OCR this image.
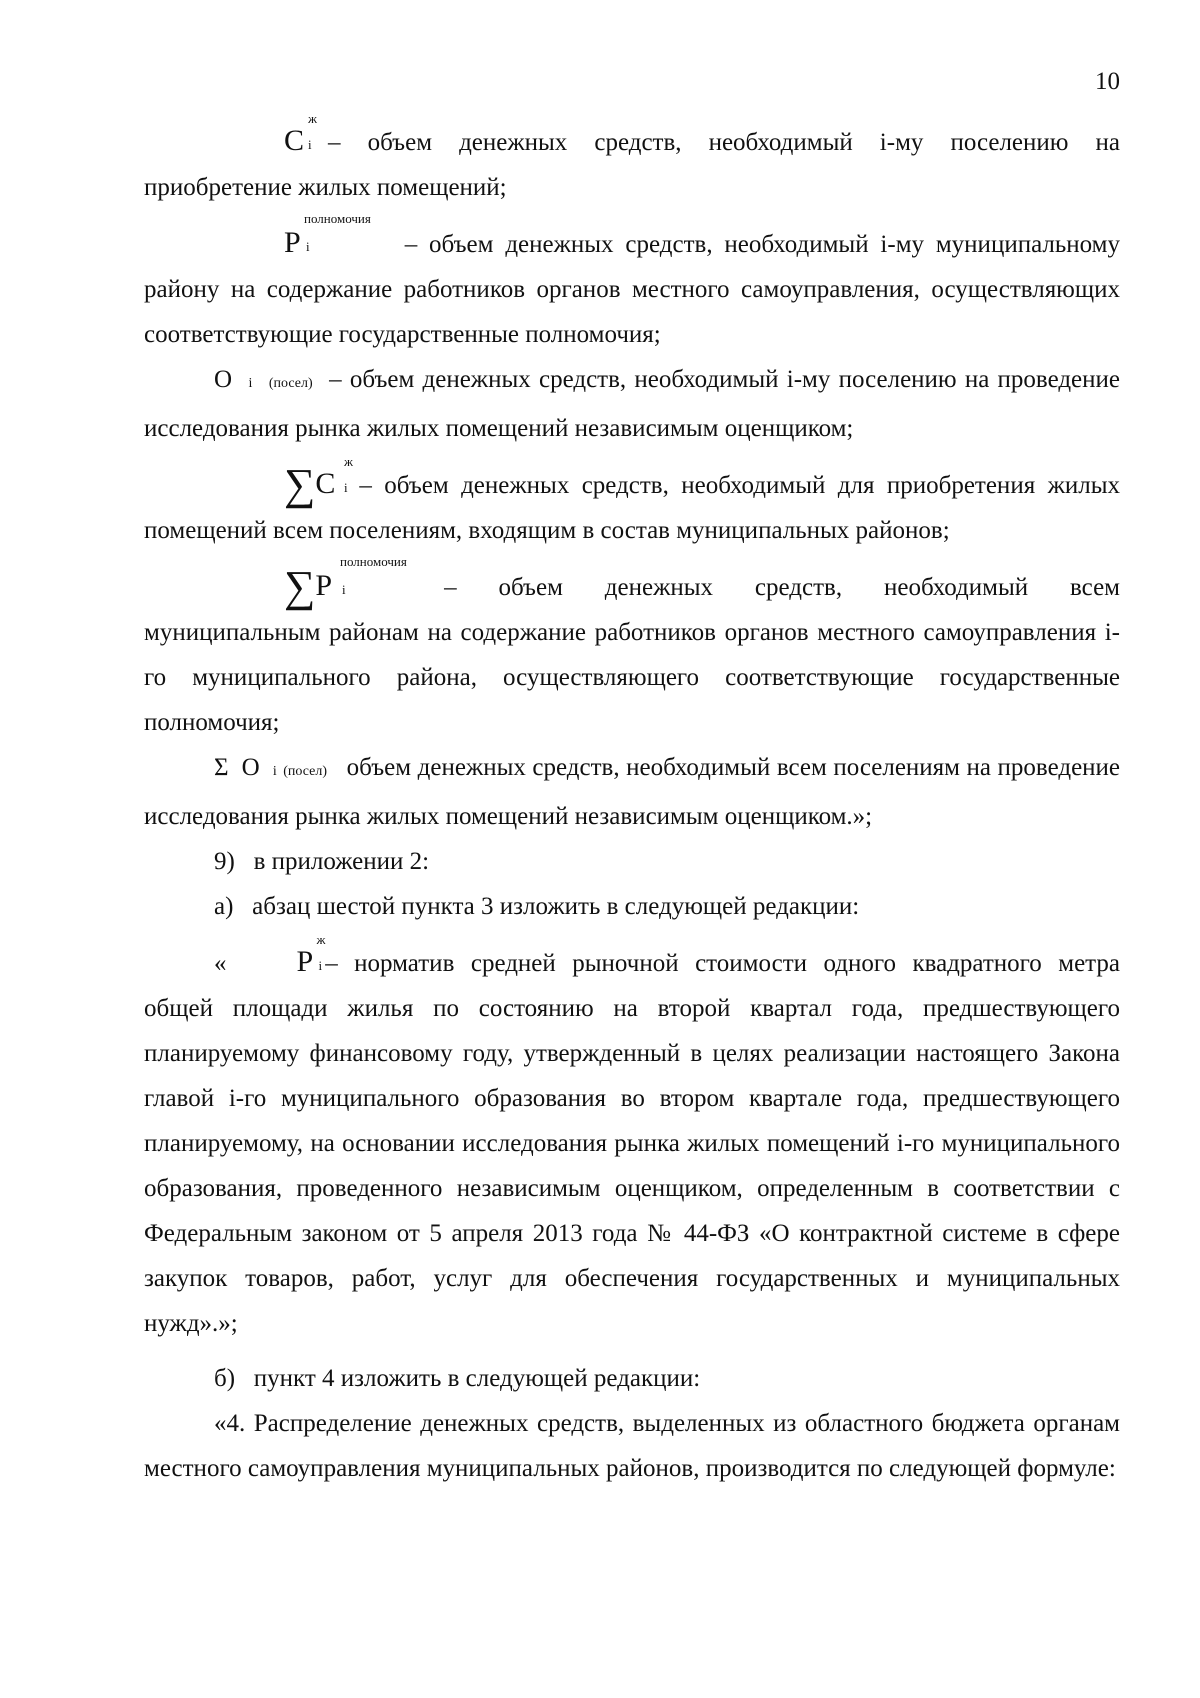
10

C
ж
i – объем денежных средств, необходимый i-му поселению на приобретение жилых помещений;

P
полномочия
i	– объем денежных средств, необходимый i-му муниципальному району на содержание работников органов местного самоуправления, осуществляющих соответствующие государственные полномочия;

О i (посел) – объем денежных средств, необходимый i-му поселению на проведение исследования рынка жилых помещений независимым оценщиком;

∑C
ж
i – объем денежных средств, необходимый для приобретения жилых помещений всем поселениям, входящим в состав муниципальных районов;

∑P
полномочия
i	– объем денежных средств, необходимый всем муниципальным районам на содержание работников органов местного самоуправления i-го муниципального района, осуществляющего соответствующие государственные полномочия;

Σ О i (посел) объем денежных средств, необходимый всем поселениям на проведение исследования рынка жилых помещений независимым оценщиком.»;

9)   в приложении 2:

а)   абзац шестой пункта 3 изложить в следующей редакции:

« P
ж
i – норматив средней рыночной стоимости одного квадратного метра общей площади жилья по состоянию на второй квартал года, предшествующего планируемому финансовому году, утвержденный в целях реализации настоящего Закона главой i-го муниципального образования во втором квартале года, предшествующего планируемому, на основании исследования рынка жилых помещений i-го муниципального образования, проведенного независимым оценщиком, определенным в соответствии с Федеральным законом от 5 апреля 2013 года № 44-ФЗ «О контрактной системе в сфере закупок товаров, работ, услуг для обеспечения государственных и муниципальных нужд».»;

б)   пункт 4 изложить в следующей редакции:

«4. Распределение денежных средств, выделенных из областного бюджета органам местного самоуправления муниципальных районов, производится по следующей формуле:
